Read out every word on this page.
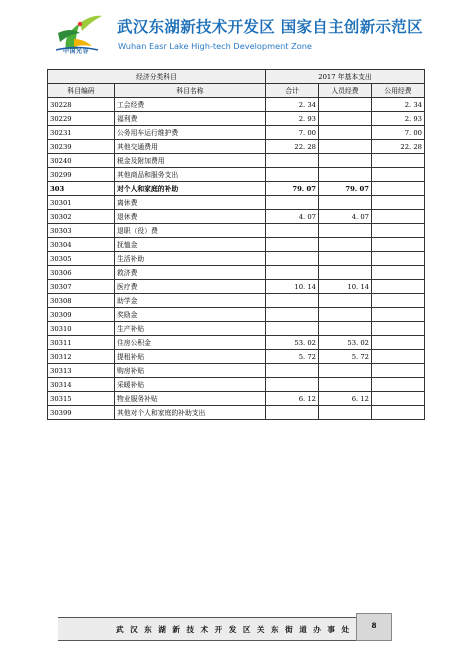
中国光谷
武汉东湖新技术开发区 国家自主创新示范区
Wuhan Easr Lake High-tech Development Zone
经济分类科目		2017 年基本支出		
科目编码	科目名称	合计	人员经费	公用经费
30228	工会经费	2. 34		2. 34
30229	福利费	2. 93		2. 93
30231	公务用车运行维护费	7. 00		7. 00
30239	其他交通费用	22. 28		22. 28
30240	税金及附加费用			
30299	其他商品和服务支出			
303	对个人和家庭的补助	79. 07	79. 07	
30301	离休费			
30302	退休费	4. 07	4. 07	
30303	退职（役）费			
30304	抚恤金			
30305	生活补助			
30306	救济费			
30307	医疗费	10. 14	10. 14	
30308	助学金			
30309	奖励金			
30310	生产补贴			
30311	住房公积金	53. 02	53. 02	
30312	提租补贴	5. 72	5. 72	
30313	购房补贴			
30314	采暖补贴			
30315	物业服务补贴	6. 12	6. 12	
30399	其他对个人和家庭的补助支出			
武汉东湖新技术开发区关东街道办事处	8
